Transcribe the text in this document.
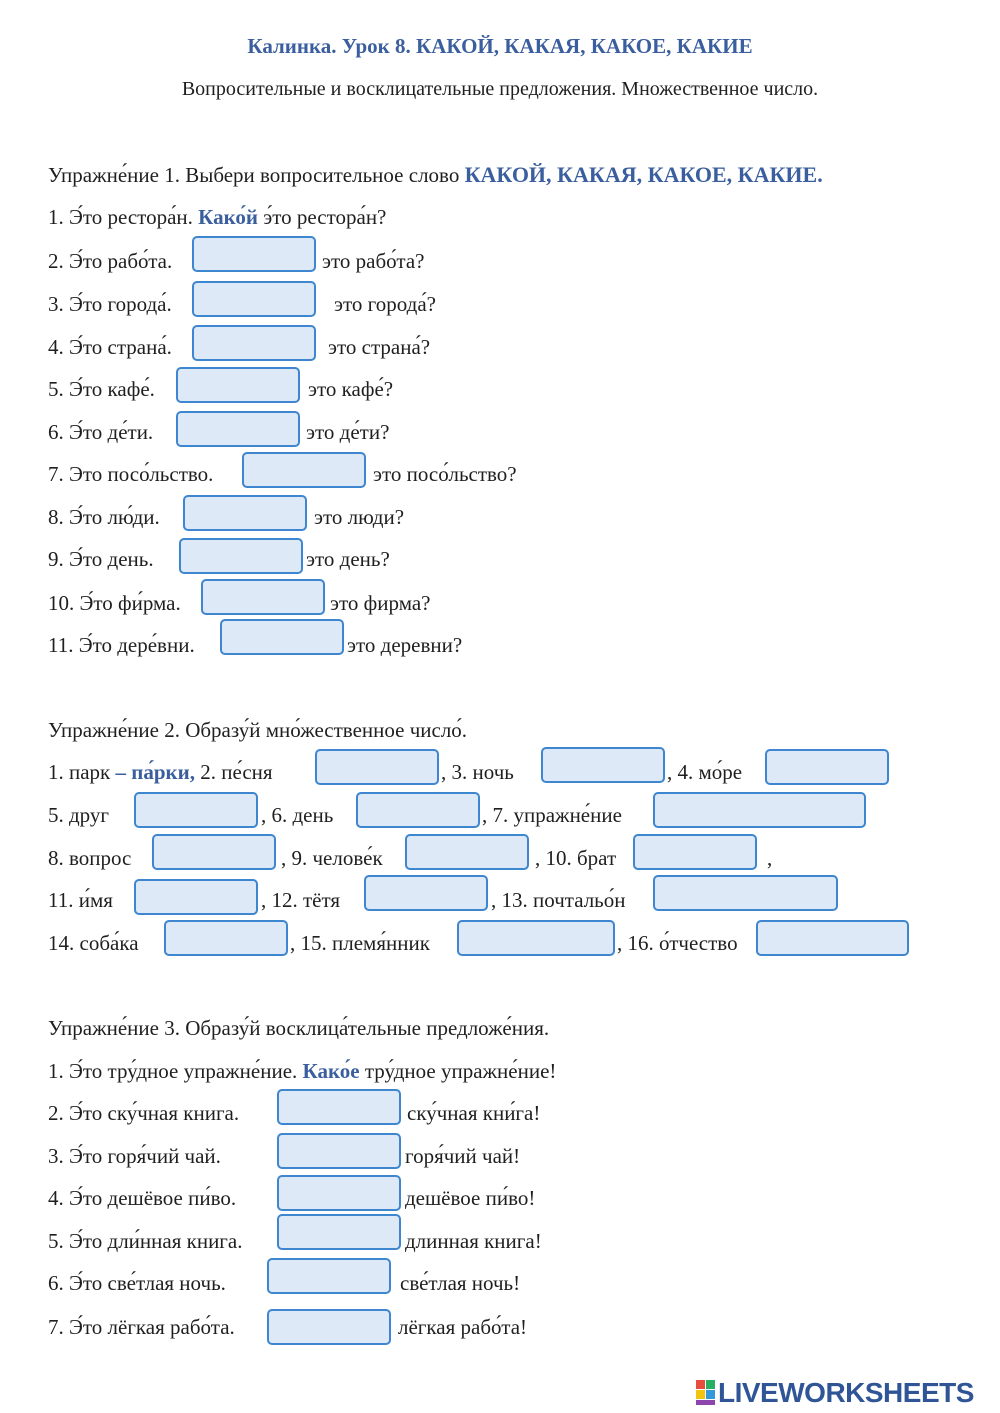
Калинка. Урок 8. КАКОЙ, КАКАЯ, КАКОЕ, КАКИЕ
Вопросительные и восклицательные предложения. Множественное число.
Упражне́ние 1. Выбери вопросительное слово КАКОЙ, КАКАЯ, КАКОЕ, КАКИЕ.
1. Э́то рестора́н. Како́й э́то рестора́н?
2. Э́то рабо́та.	это рабо́та?
3. Э́то города́.	это города́?
4. Э́то страна́.	это страна́?
5. Э́то кафе́.	это кафе́?
6. Э́то де́ти.	это де́ти?
7. Это посо́льство.	это посо́льство?
8. Э́то лю́ди.	это люди?
9. Э́то день.	это день?
10. Э́то фи́рма.	это фирма?
11. Э́то дере́вни.	это деревни?
Упражне́ние 2. Образу́й мно́жественное число́.
1. парк – па́рки, 2. пе́сня	, 3. ночь	, 4. мо́ре
5. друг	, 6. день	, 7. упражне́ние
8. вопрос	, 9. челове́к	, 10. брат	,
11. и́мя	, 12. тётя	, 13. почтальо́н
14. соба́ка	, 15. племя́нник	, 16. о́тчество
Упражне́ние 3. Образу́й восклица́тельные предложе́ния.
1. Э́то тру́дное упражне́ние. Како́е тру́дное упражне́ние!
2. Э́то ску́чная книга.	ску́чная кни́га!
3. Э́то горя́чий чай.	горя́чий чай!
4. Э́то дешёвое пи́во.	дешёвое пи́во!
5. Э́то дли́нная книга.	длинная книга!
6. Э́то све́тлая ночь.	све́тлая ночь!
7. Э́то лёгкая рабо́та.	лёгкая рабо́та!
LIVEWORKSHEETS
